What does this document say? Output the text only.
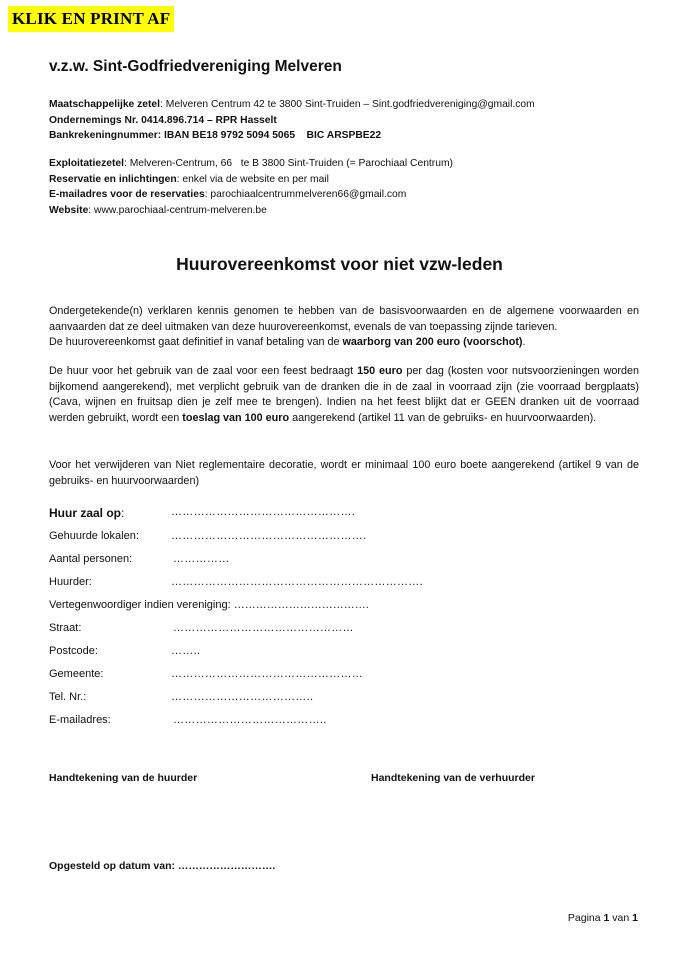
KLIK EN PRINT AF
v.z.w. Sint-Godfriedvereniging Melveren
Maatschappelijke zetel: Melveren Centrum 42 te 3800 Sint-Truiden – Sint.godfriedvereniging@gmail.com
Ondernemings Nr. 0414.896.714 – RPR Hasselt
Bankrekeningnummer: IBAN BE18 9792 5094 5065    BIC ARSPBE22
Exploitatiezetel: Melveren-Centrum, 66   te B 3800 Sint-Truiden (= Parochiaal Centrum)
Reservatie en inlichtingen: enkel via de website en per mail
E-mailadres voor de reservaties: parochiaalcentrummelveren66@gmail.com
Website: www.parochiaal-centrum-melveren.be
Huurovereenkomst voor niet vzw-leden

Ondergetekende(n) verklaren kennis genomen te hebben van de basisvoorwaarden en de algemene voorwaarden en aanvaarden dat ze deel uitmaken van deze huurovereenkomst, evenals de van toepassing zijnde tarieven.
De huurovereenkomst gaat definitief in vanaf betaling van de waarborg van 200 euro (voorschot).

De huur voor het gebruik van de zaal voor een feest bedraagt 150 euro per dag (kosten voor nutsvoorzieningen worden bijkomend aangerekend), met verplicht gebruik van de dranken die in de zaal in voorraad zijn (zie voorraad bergplaats) (Cava, wijnen en fruitsap dien je zelf mee te brengen). Indien na het feest blijkt dat er GEEN dranken uit de voorraad werden gebruikt, wordt een toeslag van 100 euro aangerekend (artikel 11 van de gebruiks- en huurvoorwaarden).

Voor het verwijderen van Niet reglementaire decoratie, wordt er minimaal 100 euro boete aangerekend (artikel 9 van de gebruiks- en huurvoorwaarden)

Huur zaal op:	………………………………………….
Gehuurde lokalen:	…………………………………………….
Aantal personen:	……………
Huurder:	………………………………………………………….
Vertegenwoordiger indien vereniging: ……………………………….
Straat:	…………………………………………
Postcode:	……..
Gemeente:	……………………………………………
Tel. Nr.:	………………………………..
E-mailadres:	…………………………………..
Handtekening van de huurder	Handtekening van de verhuurder
Opgesteld op datum van: ……………………….
Pagina 1 van 1
